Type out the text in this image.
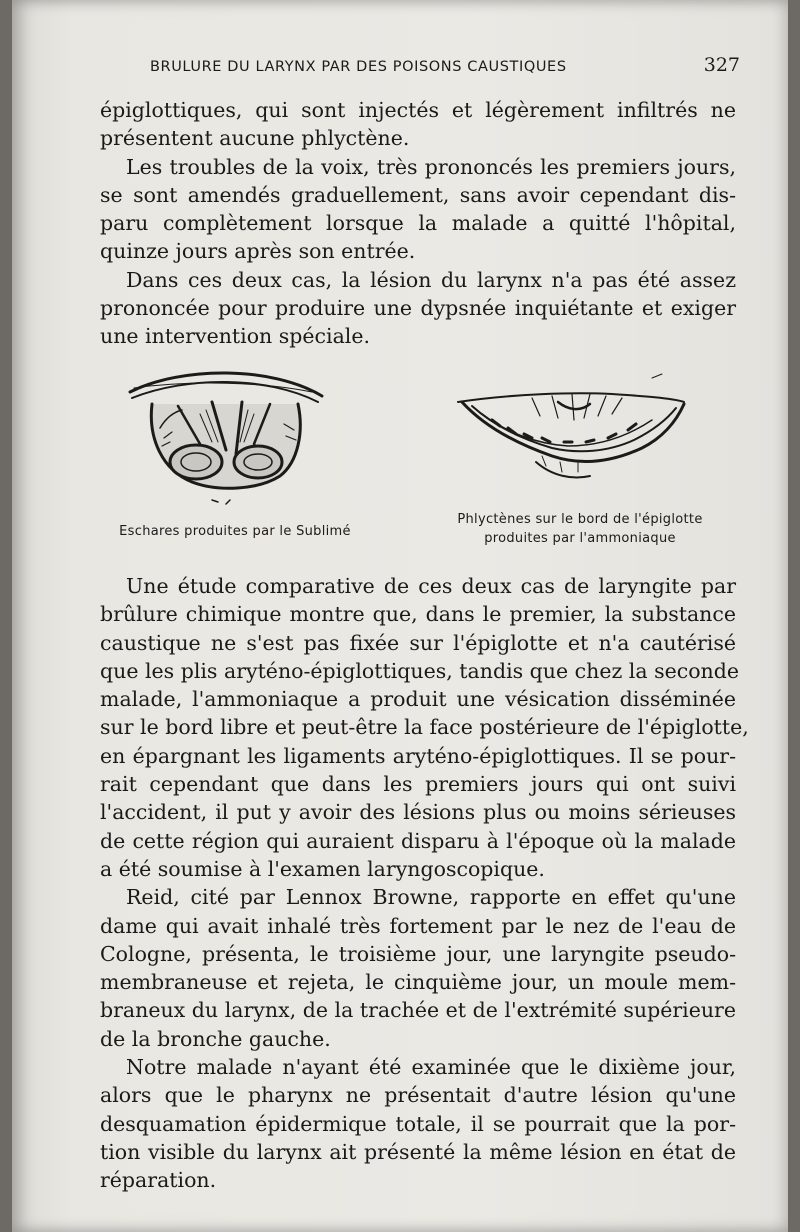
BRULURE DU LARYNX PAR DES POISONS CAUSTIQUES	327
épiglottiques, qui sont injectés et légèrement infiltrés ne
présentent aucune phlyctène.
Les troubles de la voix, très prononcés les premiers jours,
se sont amendés graduellement, sans avoir cependant dis-
paru complètement lorsque la malade a quitté l'hôpital,
quinze jours après son entrée.
Dans ces deux cas, la lésion du larynx n'a pas été assez
prononcée pour produire une dypsnée inquiétante et exiger
une intervention spéciale.
Eschares produites par le Sublimé
Phlyctènes sur le bord de l'épiglotte
produites par l'ammoniaque
Une étude comparative de ces deux cas de laryngite par
brûlure chimique montre que, dans le premier, la substance
caustique ne s'est pas fixée sur l'épiglotte et n'a cautérisé
que les plis aryténo-épiglottiques, tandis que chez la seconde
malade, l'ammoniaque a produit une vésication disséminée
sur le bord libre et peut-être la face postérieure de l'épiglotte,
en épargnant les ligaments aryténo-épiglottiques. Il se pour-
rait cependant que dans les premiers jours qui ont suivi
l'accident, il put y avoir des lésions plus ou moins sérieuses
de cette région qui auraient disparu à l'époque où la malade
a été soumise à l'examen laryngoscopique.
Reid, cité par Lennox Browne, rapporte en effet qu'une
dame qui avait inhalé très fortement par le nez de l'eau de
Cologne, présenta, le troisième jour, une laryngite pseudo-
membraneuse et rejeta, le cinquième jour, un moule mem-
braneux du larynx, de la trachée et de l'extrémité supérieure
de la bronche gauche.
Notre malade n'ayant été examinée que le dixième jour,
alors que le pharynx ne présentait d'autre lésion qu'une
desquamation épidermique totale, il se pourrait que la por-
tion visible du larynx ait présenté la même lésion en état de
réparation.
